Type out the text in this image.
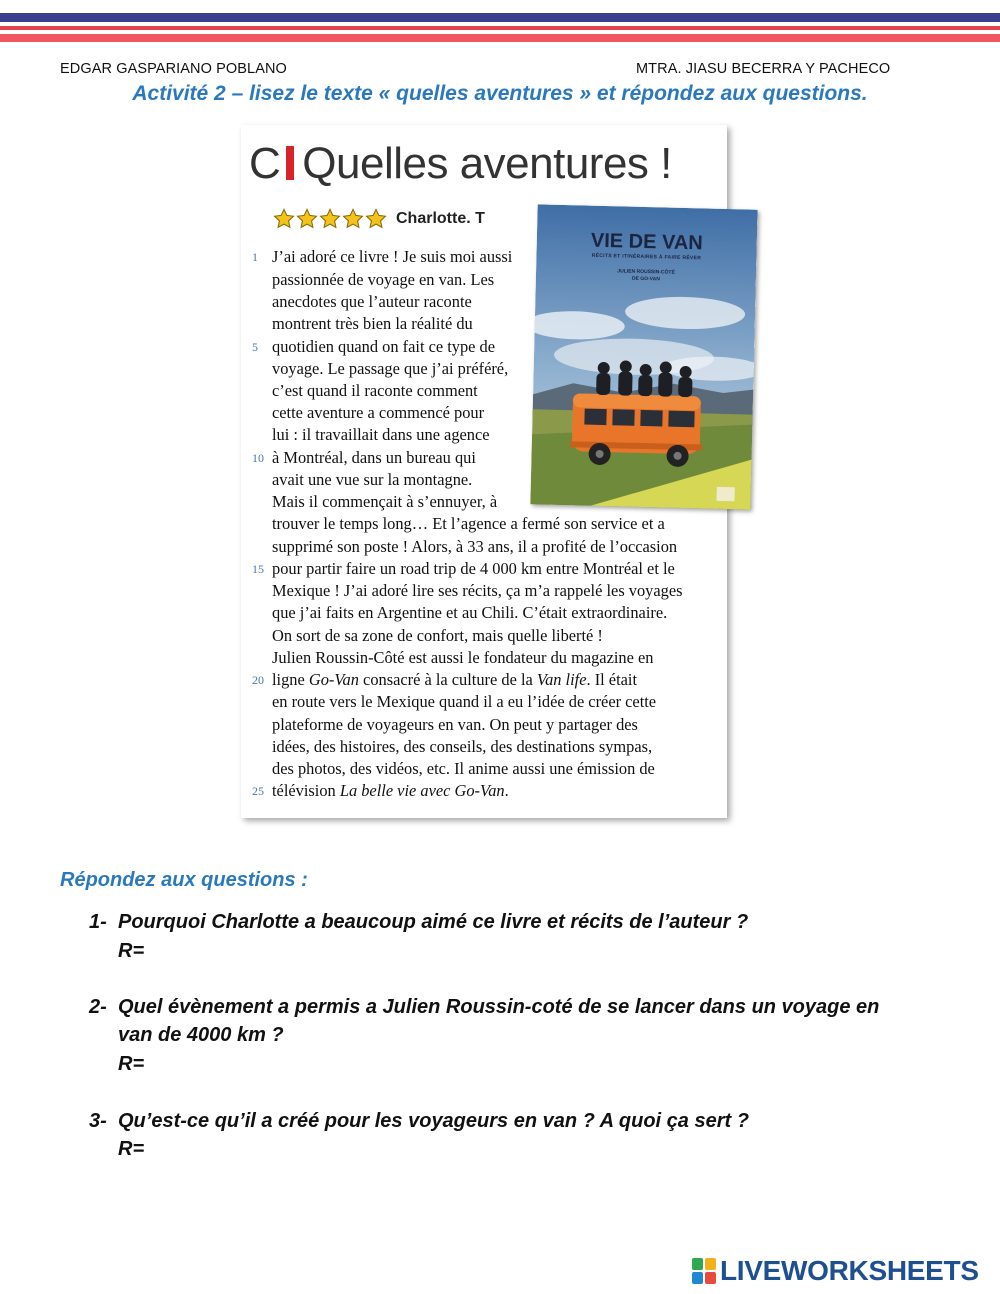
EDGAR GASPARIANO POBLANO	MTRA. JIASU BECERRA Y PACHECO
Activité 2 – lisez le texte « quelles aventures » et répondez aux questions.
C Quelles aventures !
Charlotte. T
J’ai adoré ce livre ! Je suis moi aussi
passionnée de voyage en van. Les
anecdotes que l’auteur raconte
montrent très bien la réalité du
quotidien quand on fait ce type de
voyage. Le passage que j’ai préféré,
c’est quand il raconte comment
cette aventure a commencé pour
lui : il travaillait dans une agence
à Montréal, dans un bureau qui
avait une vue sur la montagne.
Mais il commençait à s’ennuyer, à
trouver le temps long… Et l’agence a fermé son service et a
supprimé son poste ! Alors, à 33 ans, il a profité de l’occasion
pour partir faire un road trip de 4 000 km entre Montréal et le
Mexique ! J’ai adoré lire ses récits, ça m’a rappelé les voyages
que j’ai faits en Argentine et au Chili. C’était extraordinaire.
On sort de sa zone de confort, mais quelle liberté !
Julien Roussin-Côté est aussi le fondateur du magazine en
ligne Go-Van consacré à la culture de la Van life. Il était
en route vers le Mexique quand il a eu l’idée de créer cette
plateforme de voyageurs en van. On peut y partager des
idées, des histoires, des conseils, des destinations sympas,
des photos, des vidéos, etc. Il anime aussi une émission de
télévision La belle vie avec Go-Van.
1
5
10
15
20
25
VIE DE VAN
RÉCITS ET ITINÉRAIRES À FAIRE RÊVER
JULIEN ROUSSIN-CÔTÉ
DE GO-VAN
Répondez aux questions :
1- Pourquoi Charlotte a beaucoup aimé ce livre et récits de l’auteur ?
R=
2- Quel évènement a permis a Julien Roussin-coté de se lancer dans un voyage en van de 4000 km ?
R=
3- Qu’est-ce qu’il a créé pour les voyageurs en van ? A quoi ça sert ?
R=
LIVEWORKSHEETS
